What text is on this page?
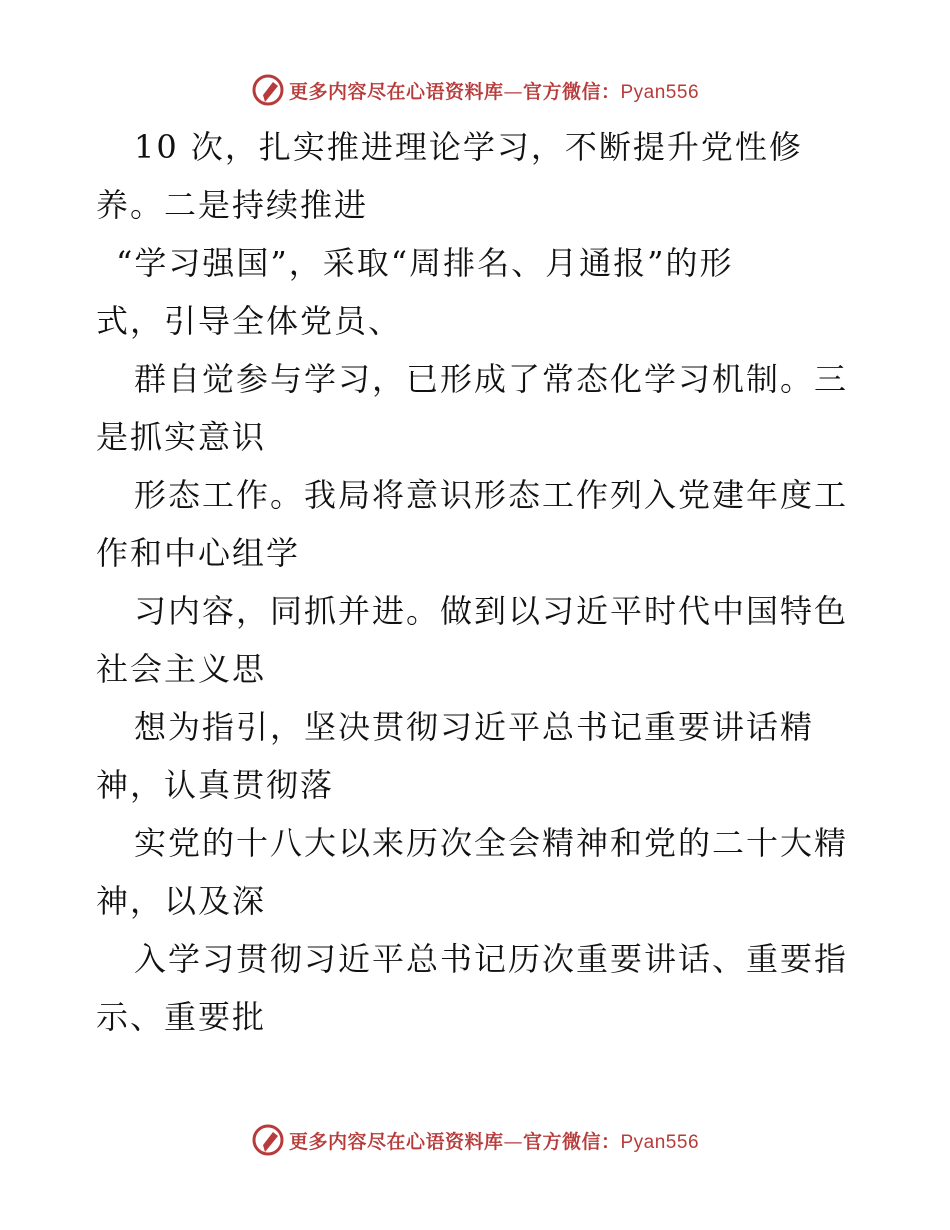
更多内容尽在心语资料库—官方微信：Pyan556
10 次，扎实推进理论学习，不断提升党性修
养。二是持续推进
“学习强国”，采取“周排名、月通报”的形
式，引导全体党员、
群自觉参与学习，已形成了常态化学习机制。三
是抓实意识
形态工作。我局将意识形态工作列入党建年度工
作和中心组学
习内容，同抓并进。做到以习近平时代中国特色
社会主义思
想为指引，坚决贯彻习近平总书记重要讲话精
神，认真贯彻落
实党的十八大以来历次全会精神和党的二十大精
神，以及深
入学习贯彻习近平总书记历次重要讲话、重要指
示、重要批
更多内容尽在心语资料库—官方微信：Pyan556
